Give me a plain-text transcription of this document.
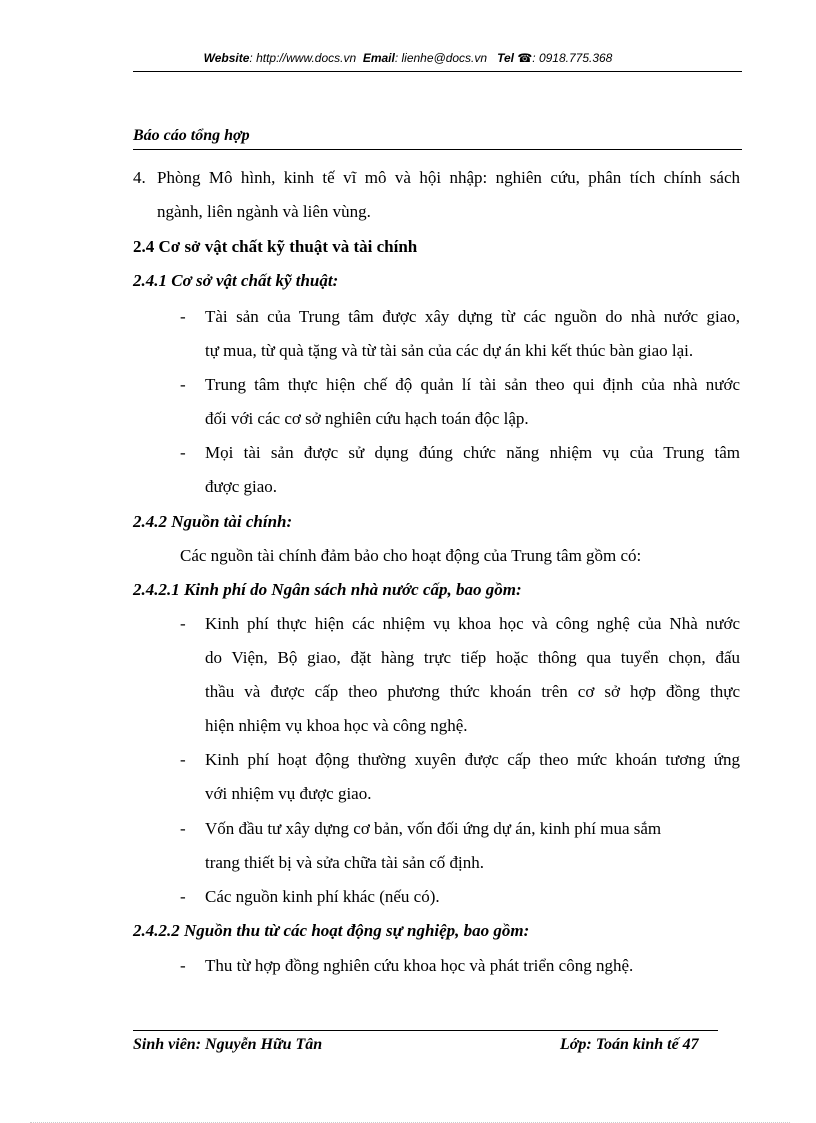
Website: http://www.docs.vn Email: lienhe@docs.vn Tel ☎: 0918.775.368
Báo cáo tổng hợp
4. Phòng Mô hình, kinh tế vĩ mô và hội nhập: nghiên cứu, phân tích chính sách
ngành, liên ngành và liên vùng.
2.4 Cơ sở vật chất kỹ thuật và tài chính
2.4.1 Cơ sở vật chất kỹ thuật:
- Tài sản của Trung tâm được xây dựng từ các nguồn do nhà nước giao,
tự mua, từ quà tặng và từ tài sản của các dự án khi kết thúc bàn giao lại.
- Trung tâm thực hiện chế độ quản lí tài sản theo qui định của nhà nước
đối với các cơ sở nghiên cứu hạch toán độc lập.
- Mọi tài sản được sử dụng đúng chức năng nhiệm vụ của Trung tâm
được giao.
2.4.2 Nguồn tài chính:
Các nguồn tài chính đảm bảo cho hoạt động của Trung tâm gồm có:
2.4.2.1 Kinh phí do Ngân sách nhà nước cấp, bao gồm:
- Kinh phí thực hiện các nhiệm vụ khoa học và công nghệ của Nhà nước
do Viện, Bộ giao, đặt hàng trực tiếp hoặc thông qua tuyển chọn, đấu
thầu và được cấp theo phương thức khoán trên cơ sở hợp đồng thực
hiện nhiệm vụ khoa học và công nghệ.
- Kinh phí hoạt động thường xuyên được cấp theo mức khoán tương ứng
với nhiệm vụ được giao.
- Vốn đầu tư xây dựng cơ bản, vốn đối ứng dự án, kinh phí mua sắm
trang thiết bị và sửa chữa tài sản cố định.
- Các nguồn kinh phí khác (nếu có).
2.4.2.2 Nguồn thu từ các hoạt động sự nghiệp, bao gồm:
- Thu từ hợp đồng nghiên cứu khoa học và phát triển công nghệ.
Sinh viên: Nguyễn Hữu Tân	Lớp: Toán kinh tế 47
